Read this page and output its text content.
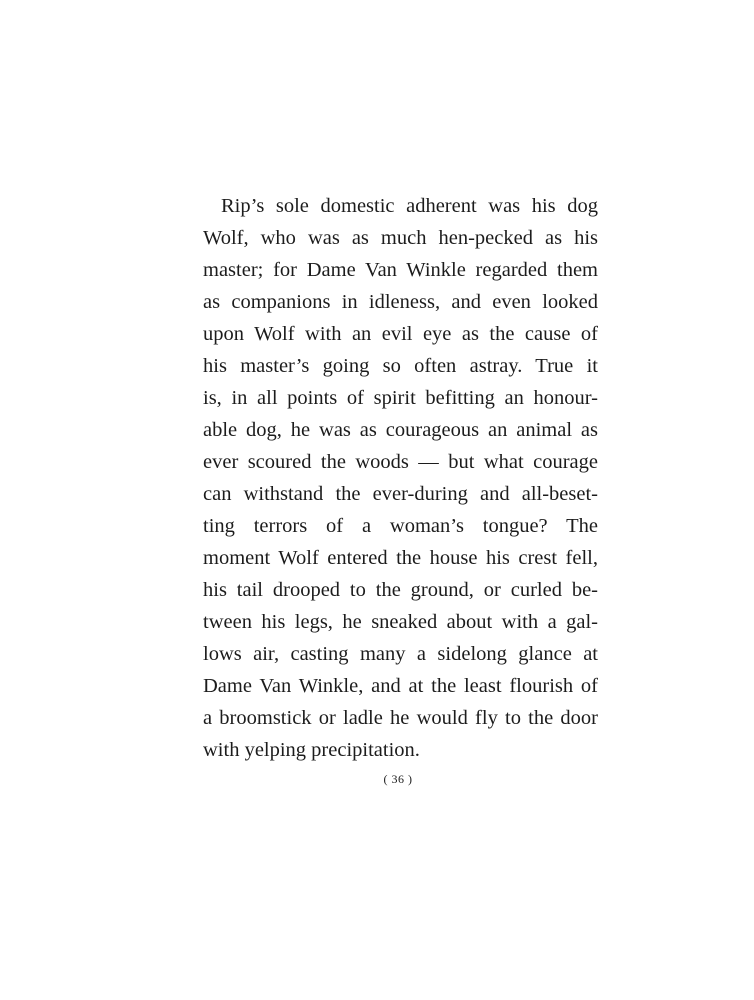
Rip’s sole domestic adherent was his dog
Wolf, who was as much hen-pecked as his
master; for Dame Van Winkle regarded them
as companions in idleness, and even looked
upon Wolf with an evil eye as the cause of
his master’s going so often astray. True it
is, in all points of spirit befitting an honour-
able dog, he was as courageous an animal as
ever scoured the woods — but what courage
can withstand the ever-during and all-beset-
ting terrors of a woman’s tongue? The
moment Wolf entered the house his crest fell,
his tail drooped to the ground, or curled be-
tween his legs, he sneaked about with a gal-
lows air, casting many a sidelong glance at
Dame Van Winkle, and at the least flourish of
a broomstick or ladle he would fly to the door
with yelping precipitation.
( 36 )
